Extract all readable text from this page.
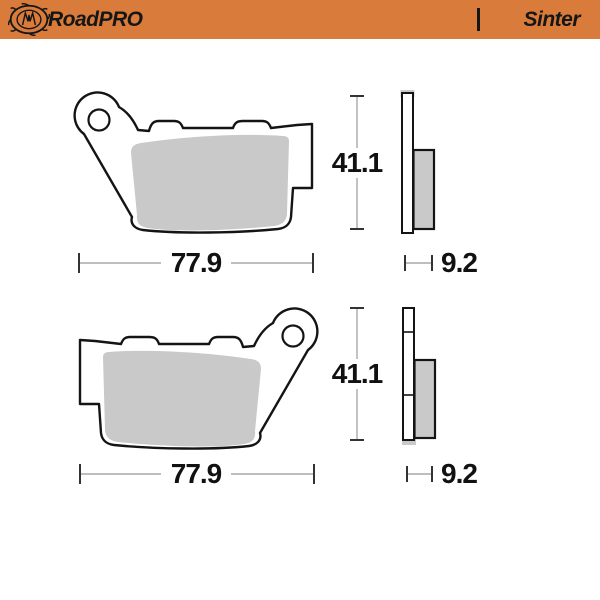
RoadPRO	Sinter
41.1
77.9	9.2
41.1
77.9	9.2
